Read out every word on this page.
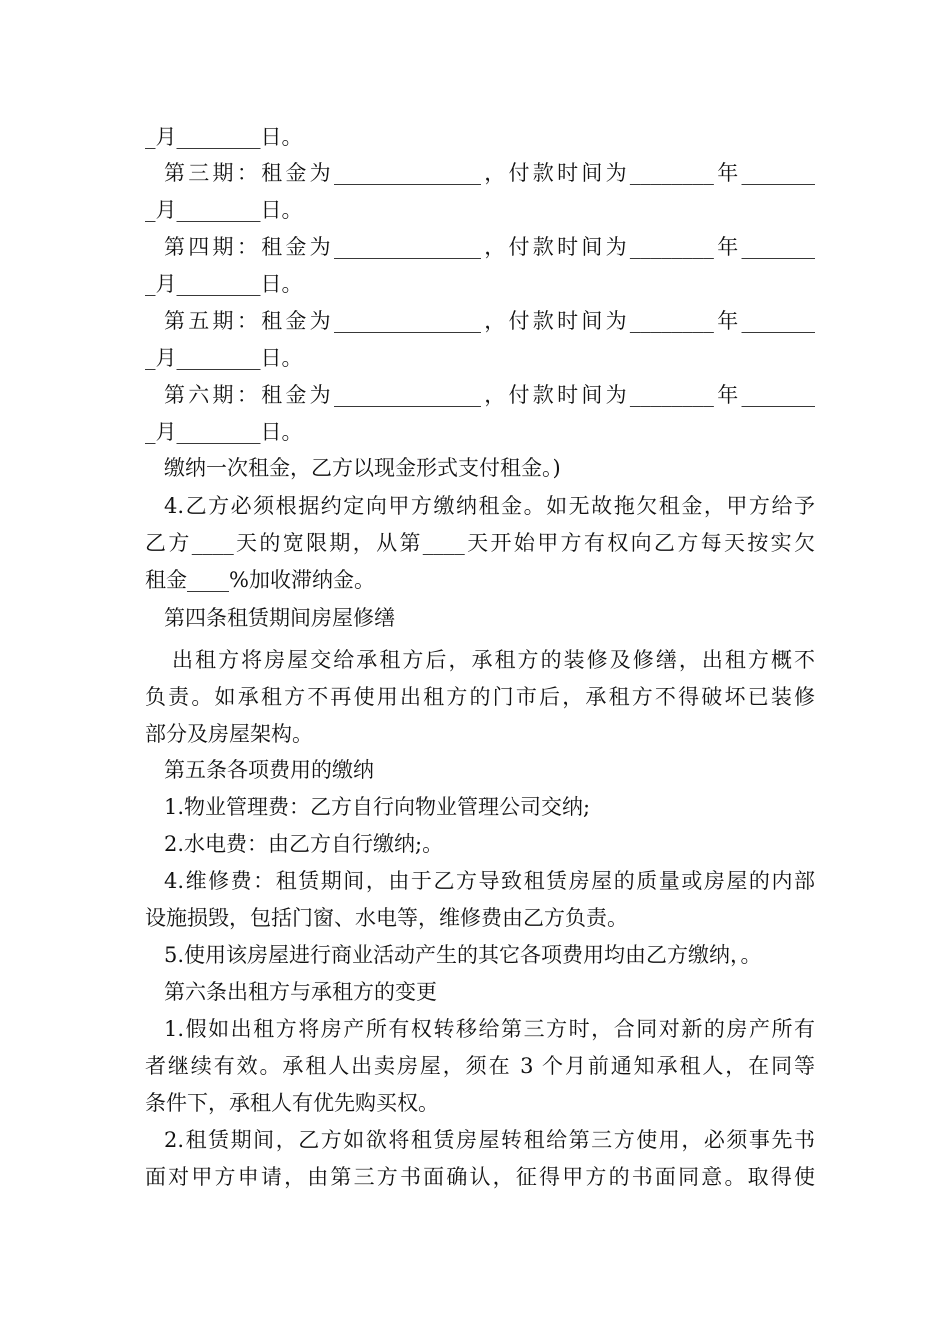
_月________日。
第三期：租金为______________，付款时间为________年_______
_月________日。
第四期：租金为______________，付款时间为________年_______
_月________日。
第五期：租金为______________，付款时间为________年_______
_月________日。
第六期：租金为______________，付款时间为________年_______
_月________日。
缴纳一次租金，乙方以现金形式支付租金。)
4.乙方必须根据约定向甲方缴纳租金。如无故拖欠租金，甲方给予
乙方____天的宽限期，从第____天开始甲方有权向乙方每天按实欠
租金____%加收滞纳金。
第四条租赁期间房屋修缮
出租方将房屋交给承租方后，承租方的装修及修缮，出租方概不
负责。如承租方不再使用出租方的门市后，承租方不得破坏已装修
部分及房屋架构。
第五条各项费用的缴纳
1.物业管理费：乙方自行向物业管理公司交纳;
2.水电费：由乙方自行缴纳;。
4.维修费：租赁期间，由于乙方导致租赁房屋的质量或房屋的内部
设施损毁，包括门窗、水电等，维修费由乙方负责。
5.使用该房屋进行商业活动产生的其它各项费用均由乙方缴纳，。
第六条出租方与承租方的变更
1.假如出租方将房产所有权转移给第三方时，合同对新的房产所有
者继续有效。承租人出卖房屋，须在 3 个月前通知承租人，在同等
条件下，承租人有优先购买权。
2.租赁期间，乙方如欲将租赁房屋转租给第三方使用，必须事先书
面对甲方申请，由第三方书面确认，征得甲方的书面同意。取得使
